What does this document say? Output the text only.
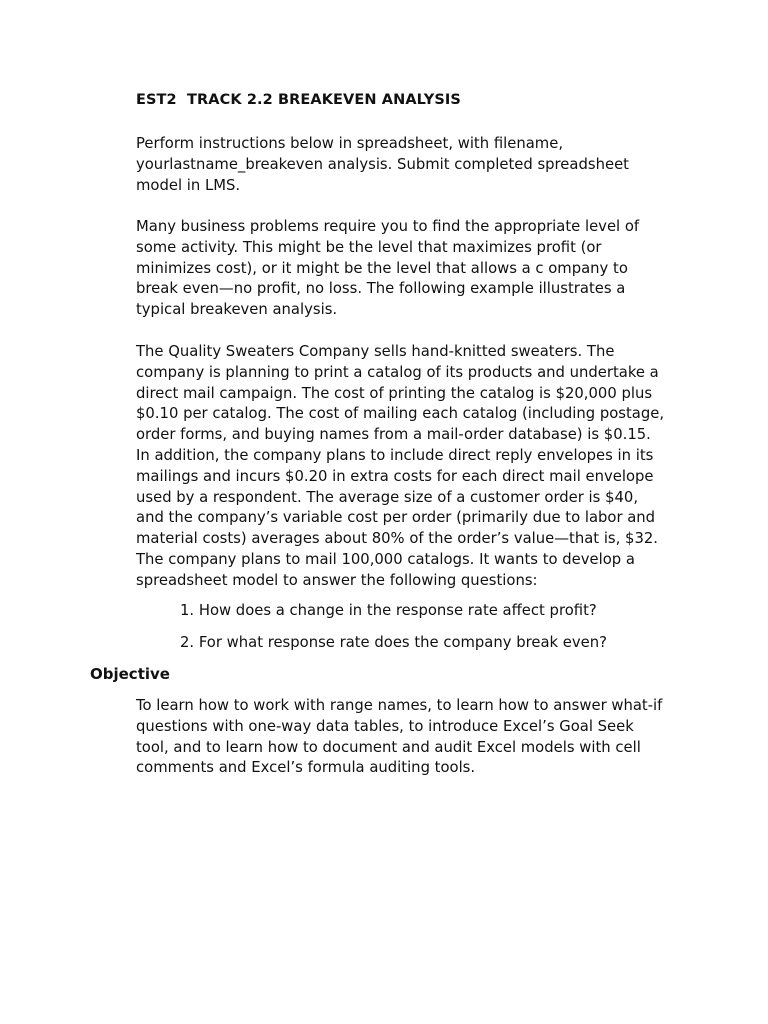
EST2  TRACK 2.2 BREAKEVEN ANALYSIS

Perform instructions below in spreadsheet, with filename,
yourlastname_breakeven analysis. Submit completed spreadsheet
model in LMS.

Many business problems require you to find the appropriate level of
some activity. This might be the level that maximizes profit (or
minimizes cost), or it might be the level that allows a c ompany to
break even—no profit, no loss. The following example illustrates a
typical breakeven analysis.

The Quality Sweaters Company sells hand-knitted sweaters. The
company is planning to print a catalog of its products and undertake a
direct mail campaign. The cost of printing the catalog is $20,000 plus
$0.10 per catalog. The cost of mailing each catalog (including postage,
order forms, and buying names from a mail-order database) is $0.15.
In addition, the company plans to include direct reply envelopes in its
mailings and incurs $0.20 in extra costs for each direct mail envelope
used by a respondent. The average size of a customer order is $40,
and the company’s variable cost per order (primarily due to labor and
material costs) averages about 80% of the order’s value—that is, $32.
The company plans to mail 100,000 catalogs. It wants to develop a
spreadsheet model to answer the following questions:

1. How does a change in the response rate affect profit?
2. For what response rate does the company break even?
Objective

To learn how to work with range names, to learn how to answer what-if
questions with one-way data tables, to introduce Excel’s Goal Seek
tool, and to learn how to document and audit Excel models with cell
comments and Excel’s formula auditing tools.
